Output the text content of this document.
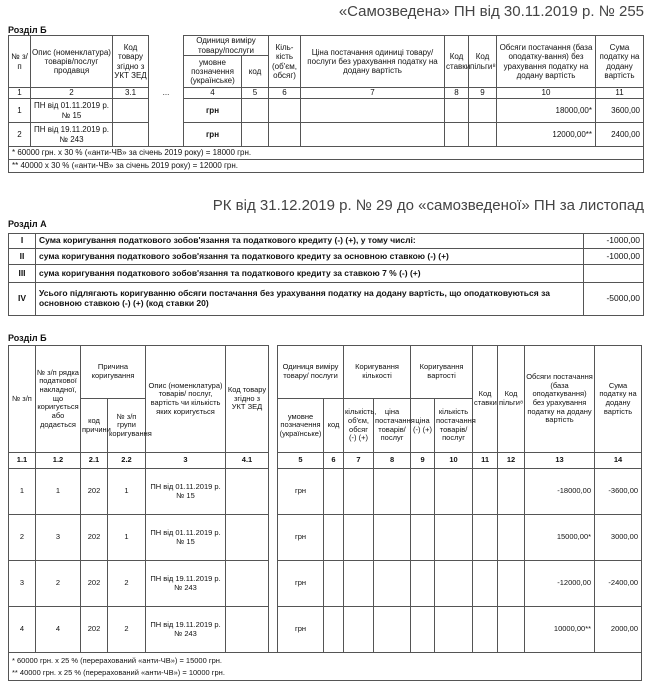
«Самозведена» ПН від 30.11.2019 р. № 255
Розділ Б
№ з/п	Опис (номенклатура) товарів/послуг продавця	Код товару згідно з УКТ ЗЕД		Одиниця виміру товару/послуги		Кіль-кість (об'єм, обсяг)	Ціна постачання одиниці товару/ послуги без урахування податку на додану вартість	Код ставки	Код пільги⁸	Обсяги постачання (база оподатку-вання) без урахування податку на додану вартість	Сума податку на додану вартість
				умовне позначення (українське)	код						
1	2	3.1	...	4	5	6	7	8	9	10	11
1	ПН від 01.11.2019 р. № 15			грн						18000,00*	3600,00
2	ПН від 19.11.2019 р. № 243			грн						12000,00**	2400,00
* 60000 грн. х 30 % («анти-ЧВ» за січень 2019 року) = 18000 грн.											
** 40000 х 30 % («анти-ЧВ» за січень 2019 року) = 12000 грн.											
РК від 31.12.2019 р. № 29 до «самозведеної» ПН за листопад
Розділ А
I	Сума коригування податкового зобов'язання та податкового кредиту (-) (+), у тому числі:	-1000,00
II	сума коригування податкового зобов'язання та податкового кредиту за основною ставкою (-) (+)	-1000,00
III	сума коригування податкового зобов'язання та податкового кредиту за ставкою 7 % (-) (+)	
IV	Усього підлягають коригуванню обсяги постачання без урахування податку на додану вартість, що оподатковуються за основною ставкою (-) (+) (код ставки 20)	-5000,00
Розділ Б
№ з/п	№ з/п рядка податкової накладної, що коригується або додається	Причина коригування		Опис (номенклатура) товарів/ послуг, вартість чи кількість яких коригується	Код товару згідно з УКТ ЗЕД		Одиниця виміру товару/ послуги		Коригування кількості		Коригування вартості		Код ставки	Код пільги⁸	Обсяги постачання (база оподаткування) без урахування податку на додану вартість	Сума податку на додану вартість
		код причини	№ з/п групи коригування				умовне позначення (українське)	код	кількість, об'єм, обсяг (-) (+)	ціна постачання товарів/ послуг	ціна (-) (+)	кількість постачання товарів/ послуг				
1.1	1.2	2.1	2.2	3	4.1		5	6	7	8	9	10	11	12	13	14
1	1	202	1	ПН від 01.11.2019 р. № 15			грн								-18000,00	-3600,00
2	3	202	1	ПН від 01.11.2019 р. № 15			грн								15000,00*	3000,00
3	2	202	2	ПН від 19.11.2019 р. № 243			грн								-12000,00	-2400,00
4	4	202	2	ПН від 19.11.2019 р. № 243			грн								10000,00**	2000,00

* 60000 грн. х 25 % (перерахований «анти-ЧВ») = 15000 грн.
** 40000 грн. х 25 % (перерахований «анти-ЧВ») = 10000 грн.																
